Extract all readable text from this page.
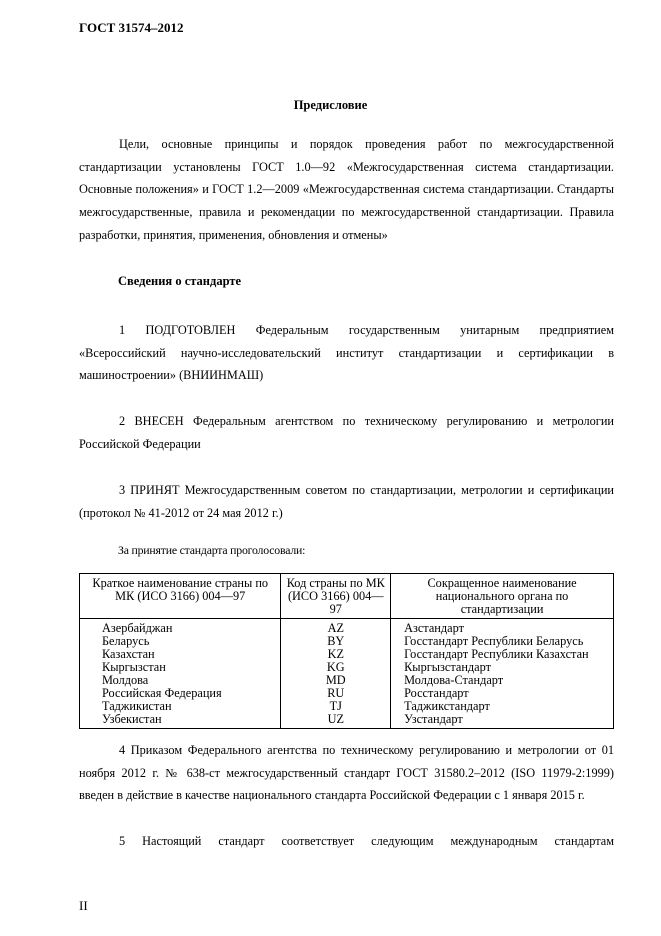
ГОСТ 31574–2012
Предисловие
Цели, основные принципы и порядок проведения работ по межгосударственной стандартизации установлены ГОСТ 1.0—92 «Межгосударственная система стандартизации. Основные положения» и ГОСТ 1.2—2009 «Межгосударственная система стандартизации. Стандарты межгосударственные, правила и рекомендации по межгосударственной стандартизации. Правила разработки, принятия, применения, обновления и отмены»
Сведения о стандарте
1 ПОДГОТОВЛЕН Федеральным государственным унитарным предприятием «Всероссийский научно-исследовательский институт стандартизации и сертификации в машиностроении» (ВНИИНМАШ)
2 ВНЕСЕН Федеральным агентством по техническому регулированию и метрологии Российской Федерации
3 ПРИНЯТ Межгосударственным советом по стандартизации, метрологии и сертификации (протокол № 41-2012 от 24 мая 2012 г.)
За принятие стандарта проголосовали:
Краткое наименование страны по МК (ИСО 3166) 004—97	Код страны по МК (ИСО 3166) 004—97	Сокращенное наименование национального органа по стандартизации
Азербайджан	AZ	Азстандарт
Беларусь	BY	Госстандарт Республики Беларусь
Казахстан	KZ	Госстандарт Республики Казахстан
Кыргызстан	KG	Кыргызстандарт
Молдова	MD	Молдова-Стандарт
Российская Федерация	RU	Росстандарт
Таджикистан	TJ	Таджикстандарт
Узбекистан	UZ	Узстандарт
4 Приказом Федерального агентства по техническому регулированию и метрологии от 01 ноября 2012 г. № 638-ст межгосударственный стандарт ГОСТ 31580.2–2012 (ISO 11979-2:1999) введен в действие в качестве национального стандарта Российской Федерации с 1 января 2015 г.
5 Настоящий стандарт соответствует следующим международным стандартам
II
